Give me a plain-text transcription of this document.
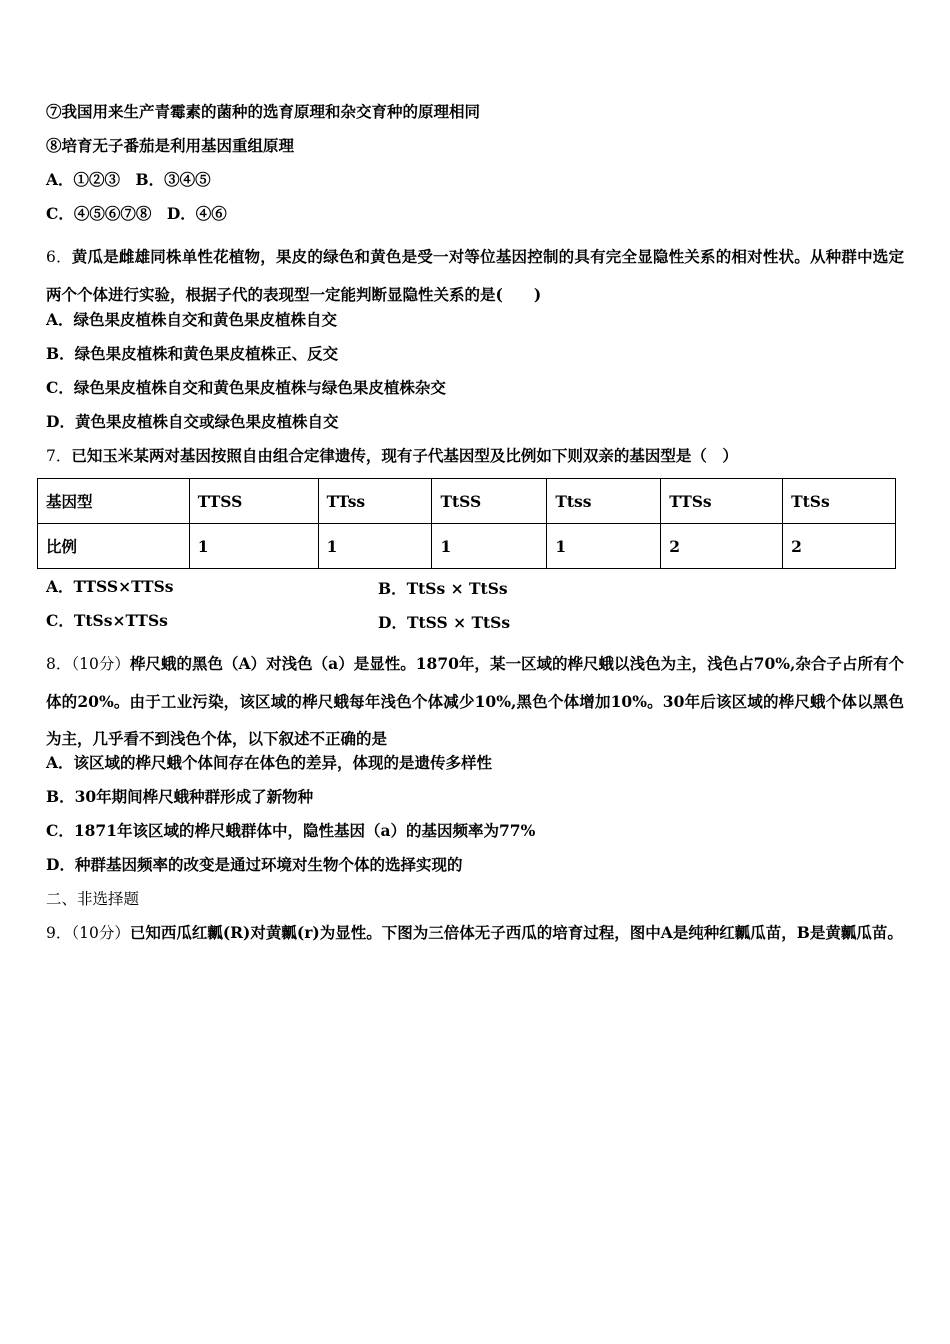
⑦我国用来生产青霉素的菌种的选育原理和杂交育种的原理相同
⑧培育无子番茄是利用基因重组原理
A．①②③　B．③④⑤
C．④⑤⑥⑦⑧　D．④⑥
6．黄瓜是雌雄同株单性花植物，果皮的绿色和黄色是受一对等位基因控制的具有完全显隐性关系的相对性状。从种群中选定两个个体进行实验，根据子代的表现型一定能判断显隐性关系的是(　　)
A．绿色果皮植株自交和黄色果皮植株自交
B．绿色果皮植株和黄色果皮植株正、反交
C．绿色果皮植株自交和黄色果皮植株与绿色果皮植株杂交
D．黄色果皮植株自交或绿色果皮植株自交
7．已知玉米某两对基因按照自由组合定律遗传，现有子代基因型及比例如下则双亲的基因型是（　）
基因型	TTSS	TTss	TtSS	Ttss	TTSs	TtSs
比例	1	1	1	1	2	2
A．TTSS×TTSs	B．TtSs × TtSs
C．TtSs×TTSs	D．TtSS × TtSs
8．（10分）桦尺蛾的黑色（A）对浅色（a）是显性。1870年，某一区域的桦尺蛾以浅色为主，浅色占70%,杂合子占所有个体的20%。由于工业污染，该区域的桦尺蛾每年浅色个体减少10%,黑色个体增加10%。30年后该区域的桦尺蛾个体以黑色为主，几乎看不到浅色个体，以下叙述不正确的是
A．该区域的桦尺蛾个体间存在体色的差异，体现的是遗传多样性
B．30年期间桦尺蛾种群形成了新物种
C．1871年该区域的桦尺蛾群体中，隐性基因（a）的基因频率为77%
D．种群基因频率的改变是通过环境对生物个体的选择实现的
二、非选择题
9．（10分）已知西瓜红瓤(R)对黄瓤(r)为显性。下图为三倍体无子西瓜的培育过程，图中A是纯种红瓤瓜苗，B是黄瓤瓜苗。
